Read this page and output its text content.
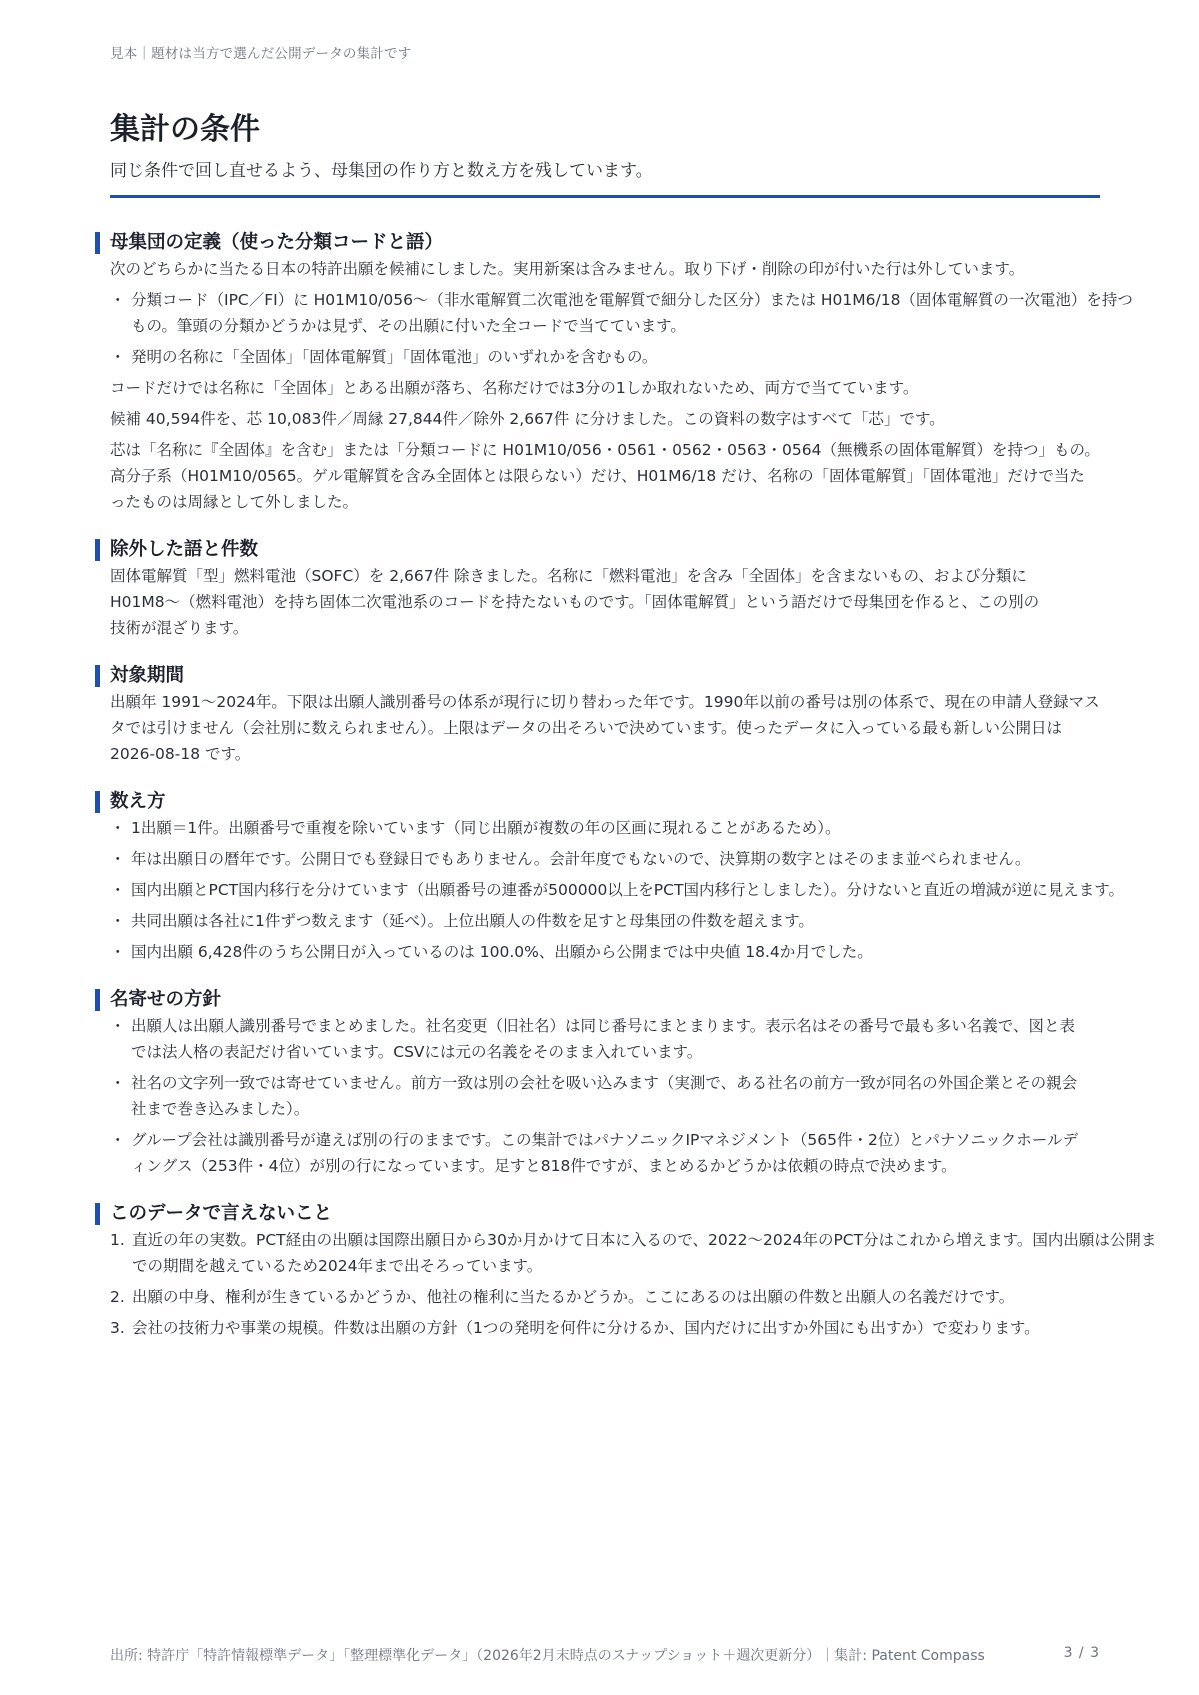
見本｜題材は当方で選んだ公開データの集計です
集計の条件
同じ条件で回し直せるよう、母集団の作り方と数え方を残しています。
母集団の定義（使った分類コードと語）
次のどちらかに当たる日本の特許出願を候補にしました。実用新案は含みません。取り下げ・削除の印が付いた行は外しています。
・ 分類コード（IPC／FI）に H01M10/056〜（非水電解質二次電池を電解質で細分した区分）または H01M6/18（固体電解質の一次電池）を持つもの。筆頭の分類かどうかは見ず、その出願に付いた全コードで当てています。
・ 発明の名称に「全固体」「固体電解質」「固体電池」のいずれかを含むもの。
コードだけでは名称に「全固体」とある出願が落ち、名称だけでは3分の1しか取れないため、両方で当てています。
候補 40,594件を、芯 10,083件／周縁 27,844件／除外 2,667件 に分けました。この資料の数字はすべて「芯」です。
芯は「名称に『全固体』を含む」または「分類コードに H01M10/056・0561・0562・0563・0564（無機系の固体電解質）を持つ」もの。高分子系（H01M10/0565。ゲル電解質を含み全固体とは限らない）だけ、H01M6/18 だけ、名称の「固体電解質」「固体電池」だけで当たったものは周縁として外しました。
除外した語と件数
固体電解質「型」燃料電池（SOFC）を 2,667件 除きました。名称に「燃料電池」を含み「全固体」を含まないもの、および分類に H01M8〜（燃料電池）を持ち固体二次電池系のコードを持たないものです。「固体電解質」という語だけで母集団を作ると、この別の技術が混ざります。
対象期間
出願年 1991〜2024年。下限は出願人識別番号の体系が現行に切り替わった年です。1990年以前の番号は別の体系で、現在の申請人登録マスタでは引けません（会社別に数えられません）。上限はデータの出そろいで決めています。使ったデータに入っている最も新しい公開日は 2026-08-18 です。
数え方
・ 1出願＝1件。出願番号で重複を除いています（同じ出願が複数の年の区画に現れることがあるため）。
・ 年は出願日の暦年です。公開日でも登録日でもありません。会計年度でもないので、決算期の数字とはそのまま並べられません。
・ 国内出願とPCT国内移行を分けています（出願番号の連番が500000以上をPCT国内移行としました）。分けないと直近の増減が逆に見えます。
・ 共同出願は各社に1件ずつ数えます（延べ）。上位出願人の件数を足すと母集団の件数を超えます。
・ 国内出願 6,428件のうち公開日が入っているのは 100.0%、出願から公開までは中央値 18.4か月でした。
名寄せの方針
・ 出願人は出願人識別番号でまとめました。社名変更（旧社名）は同じ番号にまとまります。表示名はその番号で最も多い名義で、図と表では法人格の表記だけ省いています。CSVには元の名義をそのまま入れています。
・ 社名の文字列一致では寄せていません。前方一致は別の会社を吸い込みます（実測で、ある社名の前方一致が同名の外国企業とその親会社まで巻き込みました）。
・ グループ会社は識別番号が違えば別の行のままです。この集計ではパナソニックIPマネジメント（565件・2位）とパナソニックホールディングス（253件・4位）が別の行になっています。足すと818件ですが、まとめるかどうかは依頼の時点で決めます。
このデータで言えないこと
1. 直近の年の実数。PCT経由の出願は国際出願日から30か月かけて日本に入るので、2022〜2024年のPCT分はこれから増えます。国内出願は公開までの期間を越えているため2024年まで出そろっています。
2. 出願の中身、権利が生きているかどうか、他社の権利に当たるかどうか。ここにあるのは出願の件数と出願人の名義だけです。
3. 会社の技術力や事業の規模。件数は出願の方針（1つの発明を何件に分けるか、国内だけに出すか外国にも出すか）で変わります。
出所: 特許庁「特許情報標準データ」「整理標準化データ」（2026年2月末時点のスナップショット＋週次更新分）｜集計: Patent Compass	3 / 3
